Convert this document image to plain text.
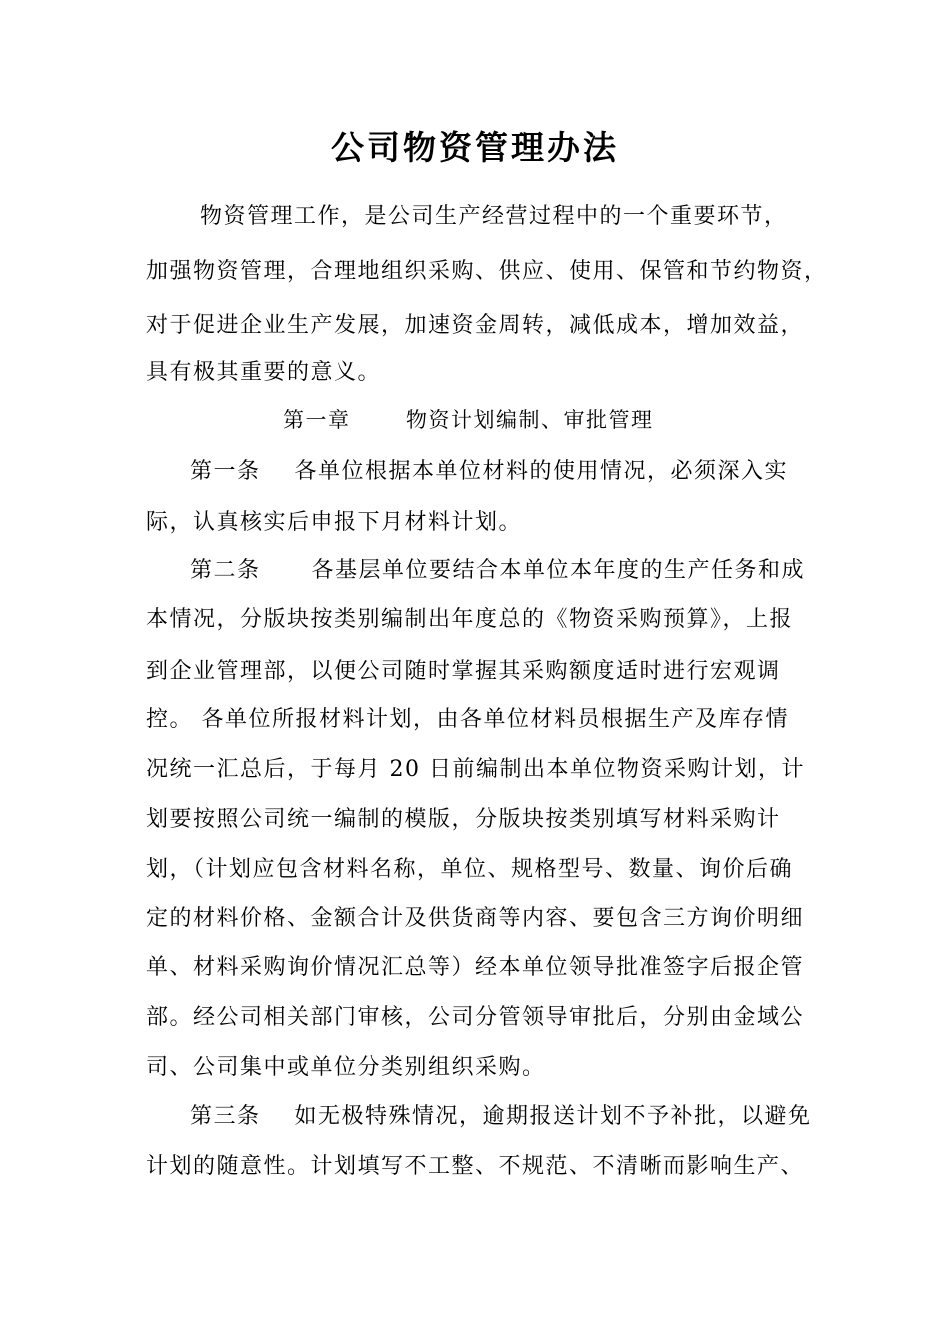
公司物资管理办法

物资管理工作，是公司生产经营过程中的一个重要环节，

加强物资管理，合理地组织采购、供应、使用、保管和节约物资，

对于促进企业生产发展，加速资金周转，减低成本，增加效益，

具有极其重要的意义。

第一章	物资计划编制、审批管理

第一条    各单位根据本单位材料的使用情况，必须深入实

际，认真核实后申报下月材料计划。

第二条      各基层单位要结合本单位本年度的生产任务和成

本情况，分版块按类别编制出年度总的《物资采购预算》，上报

到企业管理部，以便公司随时掌握其采购额度适时进行宏观调

控。 各单位所报材料计划，由各单位材料员根据生产及库存情

况统一汇总后，于每月 20 日前编制出本单位物资采购计划，计

划要按照公司统一编制的模版，分版块按类别填写材料采购计

划，（计划应包含材料名称，单位、规格型号、数量、询价后确

定的材料价格、金额合计及供货商等内容、要包含三方询价明细

单、材料采购询价情况汇总等）经本单位领导批准签字后报企管

部。经公司相关部门审核，公司分管领导审批后，分别由金域公

司、公司集中或单位分类别组织采购。

第三条    如无极特殊情况，逾期报送计划不予补批，以避免

计划的随意性。计划填写不工整、不规范、不清晰而影响生产、
